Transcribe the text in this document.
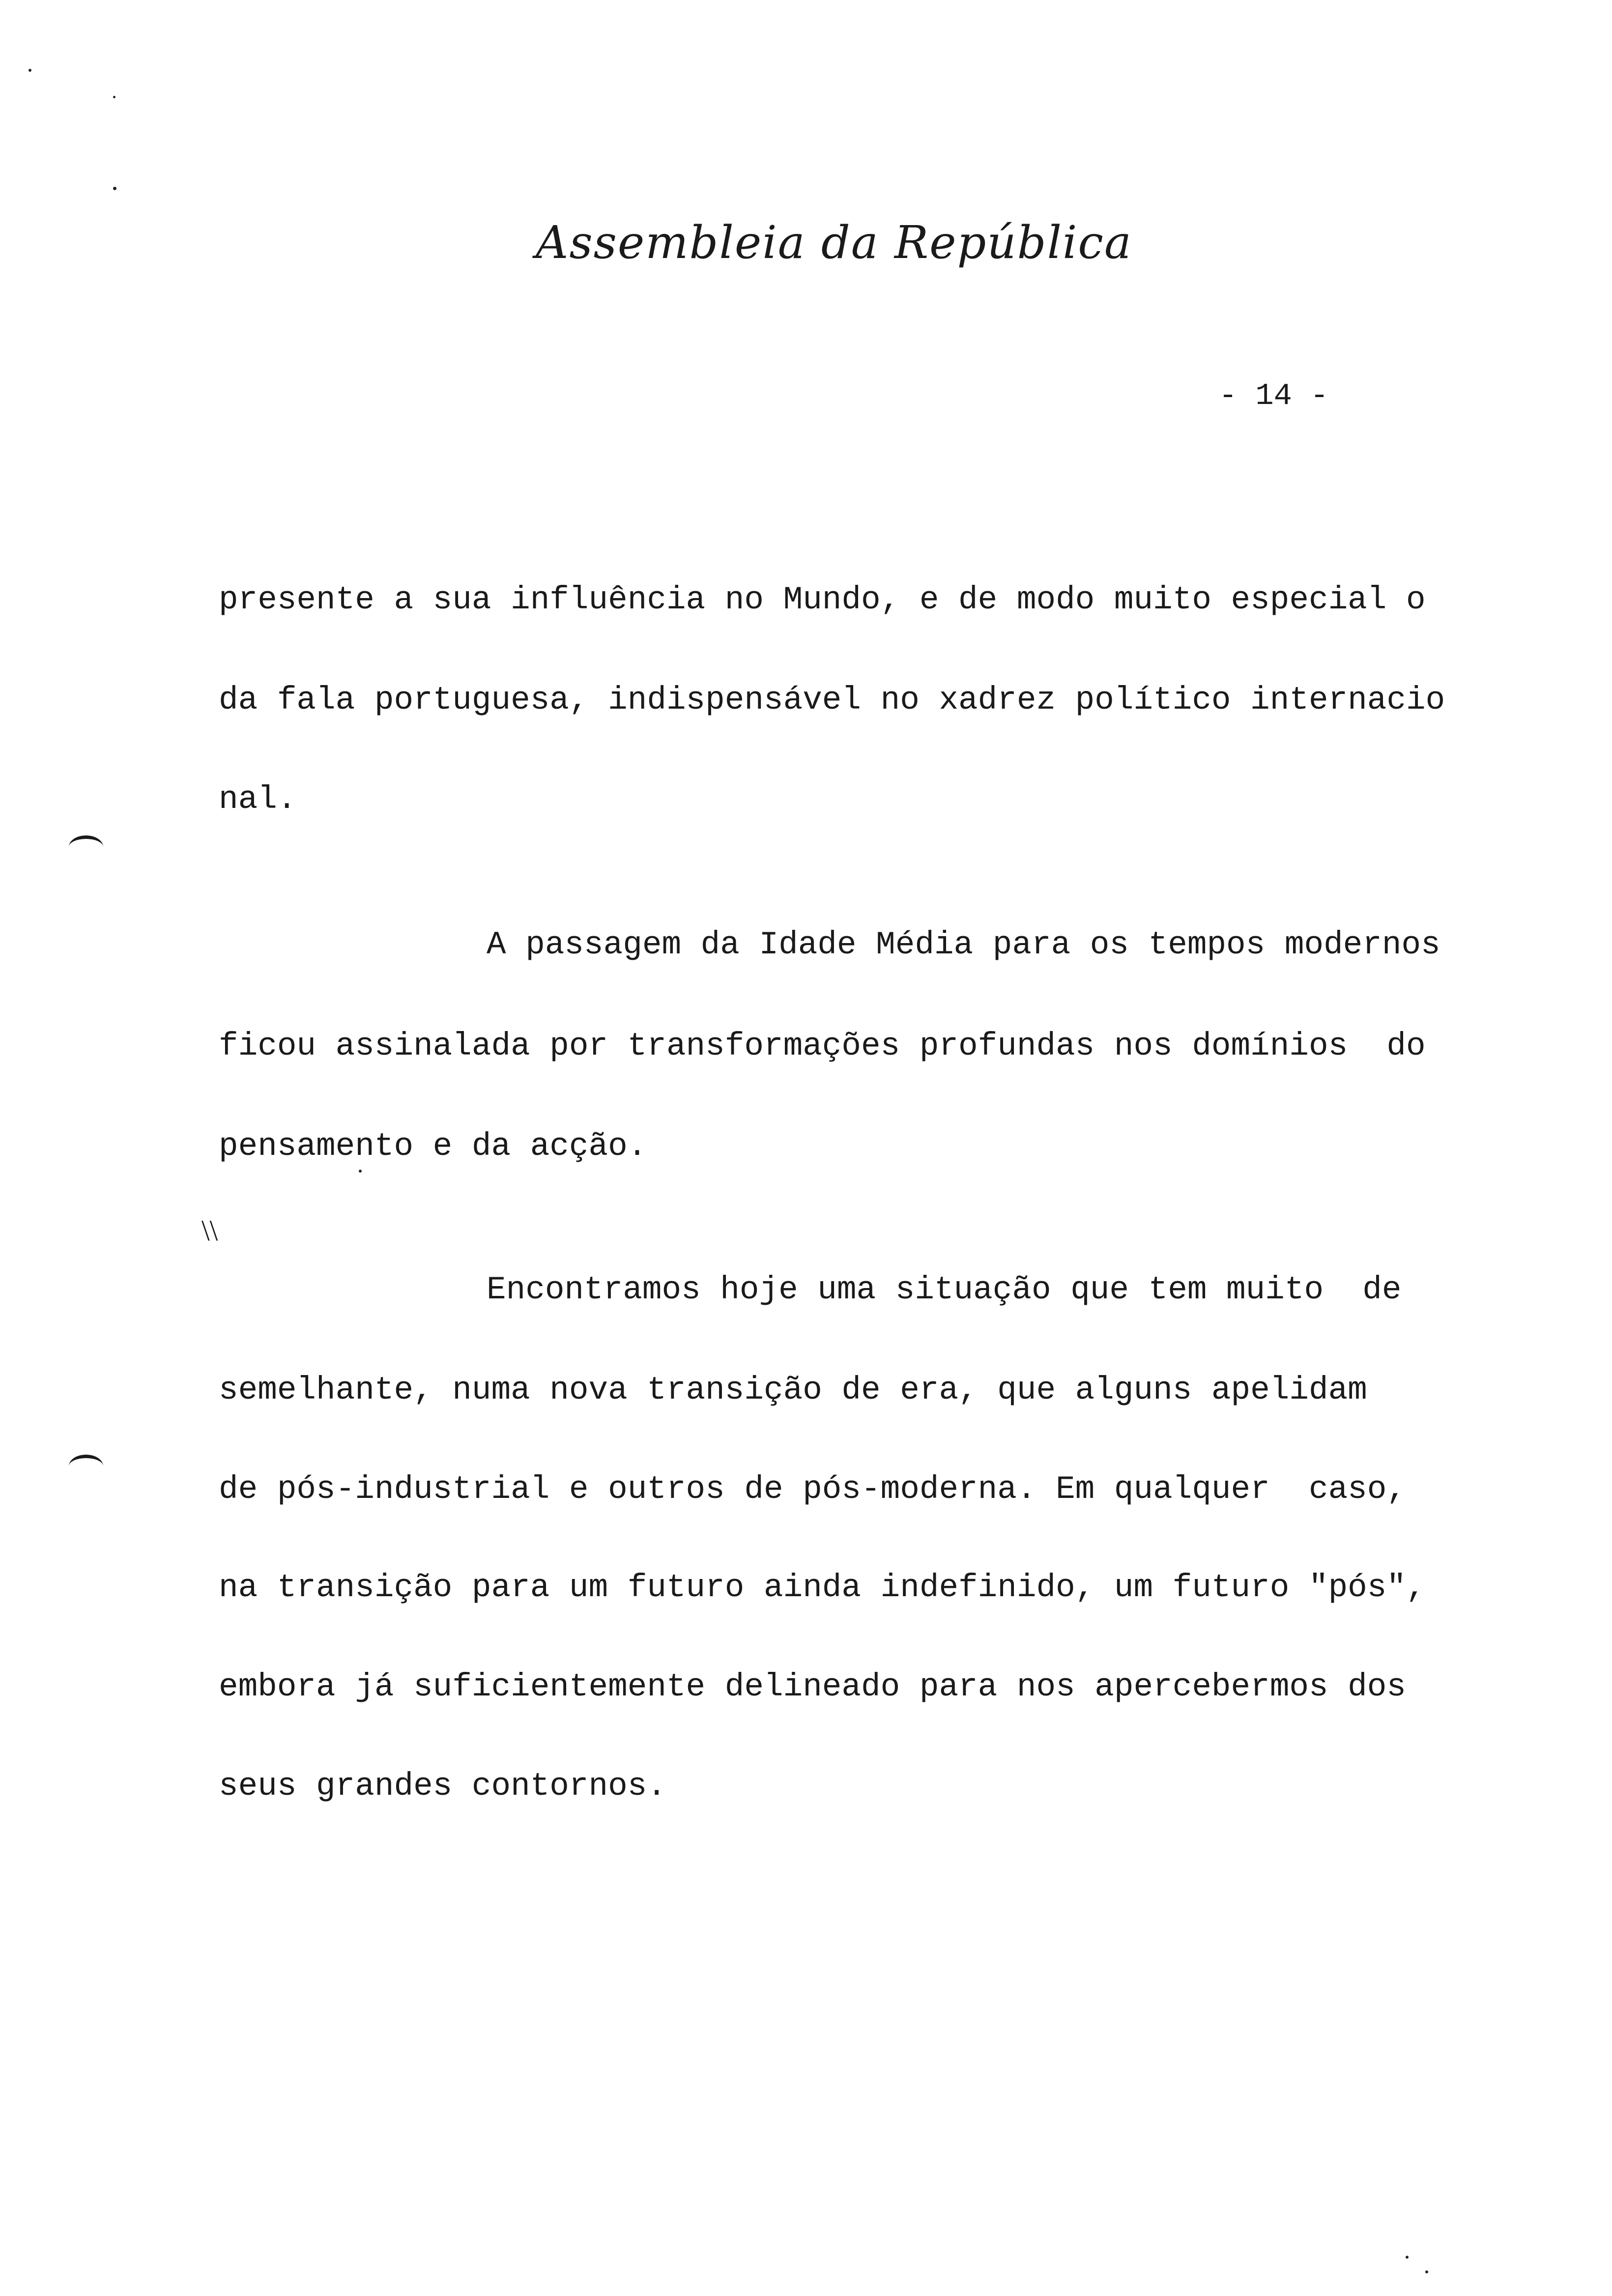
Assembleia da República
- 14 -
presente a sua influência no Mundo, e de modo muito especial o
da fala portuguesa, indispensável no xadrez político internacio
nal.
A passagem da Idade Média para os tempos modernos
ficou assinalada por transformações profundas nos domínios  do
pensamento e da acção.
Encontramos hoje uma situação que tem muito  de
semelhante, numa nova transição de era, que alguns apelidam
de pós-industrial e outros de pós-moderna. Em qualquer  caso,
na transição para um futuro ainda indefinido, um futuro "pós",
embora já suficientemente delineado para nos apercebermos dos
seus grandes contornos.
\\
